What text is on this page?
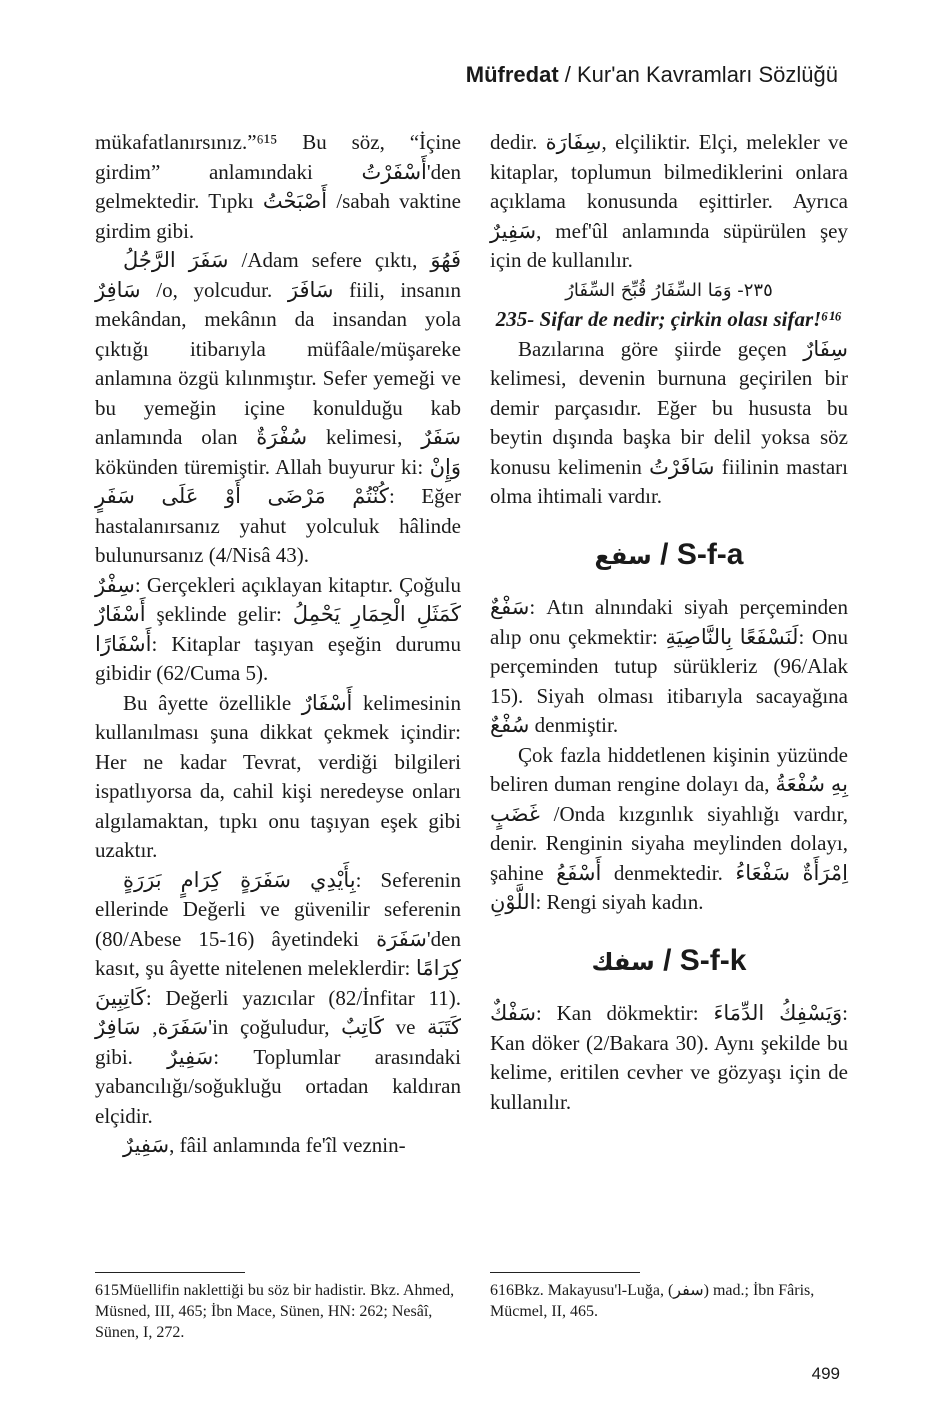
Müfredat / Kur'an Kavramları Sözlüğü

mükafatlanırsınız.”⁶¹⁵ Bu söz, “İçine girdim” anlamındaki أَسْفَرْتُ'den gelmektedir. Tıpkı أَصْبَحْتُ /sabah vaktine girdim gibi.

سَفَرَ الرَّجُلُ /Adam sefere çıktı, فَهُوَ سَافِرٌ /o, yolcudur. سَافَرَ fiili, insanın mekândan, mekânın da insandan yola çıktığı itibarıyla müfâale/müşareke anlamına özgü kılınmıştır. Sefer yemeği ve bu yemeğin içine konulduğu kab anlamında olan سُفْرَةٌ kelimesi, سَفَرٌ kökünden türemiştir. Allah buyurur ki: وَإِنْ كُنْتُمْ مَرْضَى أَوْ عَلَى سَفَرٍ: Eğer hastalanırsanız yahut yolculuk hâlinde bulunursanız (4/Nisâ 43).

سِفْرٌ: Gerçekleri açıklayan kitaptır. Çoğulu أَسْفَارٌ şeklinde gelir: كَمَثَلِ الْحِمَارِ يَحْمِلُ أَسْفَارًا: Kitaplar taşıyan eşeğin durumu gibidir (62/Cuma 5).

Bu âyette özellikle أَسْفَارٌ kelimesinin kullanılması şuna dikkat çekmek içindir: Her ne kadar Tevrat, verdiği bilgileri ispatlıyorsa da, cahil kişi neredeyse onları algılamaktan, tıpkı onu taşıyan eşek gibi uzaktır.

بِأَيْدِي سَفَرَةٍ كِرَامٍ بَرَرَةٍ: Seferenin ellerinde Değerli ve güvenilir seferenin (80/Abese 15-16) âyetindeki سَفَرَة'den kasıt, şu âyette nitelenen meleklerdir: كِرَامًا كَاتِبِينَ: Değerli yazıcılar (82/İnfitar 11). سَفَرَة, سَافِرٌ'in çoğuludur, كَاتِبٌ ve كَتَبَة gibi. سَفِيرٌ: Toplumlar arasındaki yabancılığı/soğukluğu ortadan kaldıran elçidir.

سَفِيرٌ, fâil anlamında fe'îl veznin-

dedir. سِفَارَة, elçiliktir. Elçi, melekler ve kitaplar, toplumun bilmediklerini onlara açıklama konusunda eşittirler. Ayrıca سَفِيرٌ, mef'ûl anlamında süpürülen şey için de kullanılır.

٢٣٥- وَمَا السِّفَارُ قُبِّحَ السِّفَارُ

235- Sifar de nedir; çirkin olası sifar!⁶¹⁶

Bazılarına göre şiirde geçen سِفَارٌ kelimesi, devenin burnuna geçirilen bir demir parçasıdır. Eğer bu hususta bu beytin dışında başka bir delil yoksa söz konusu kelimenin سَافَرْتُ fiilinin mastarı olma ihtimali vardır.

سفع / S-f-a

سَفْعٌ: Atın alnındaki siyah perçeminden alıp onu çekmektir: لَنَسْفَعًا بِالنَّاصِيَةِ: Onu perçeminden tutup sürükleriz (96/Alak 15). Siyah olması itibarıyla sacayağına سُفْعٌ denmiştir.

Çok fazla hiddetlenen kişinin yüzünde beliren duman rengine dolayı da, بِهِ سُفْعَةُ غَضَبٍ /Onda kızgınlık siyahlığı vardır, denir. Renginin siyaha meylinden dolayı, şahine أَسْفَعُ denmektedir. اِمْرَأَةٌ سَفْعَاءُ اللَّوْنِ: Rengi siyah kadın.

سفك / S-f-k

سَفْكٌ: Kan dökmektir: وَيَسْفِكُ الدِّمَاءَ: Kan döker (2/Bakara 30). Aynı şekilde bu kelime, eritilen cevher ve gözyaşı için de kullanılır.

615Müellifin naklettiği bu söz bir hadistir. Bkz. Ahmed, Müsned, III, 465; İbn Mace, Sünen, HN: 262; Nesâî, Sünen, I, 272.
616Bkz. Makayusu'l-Luğa, (سفر) mad.; İbn Fâris, Mücmel, II, 465.
499
